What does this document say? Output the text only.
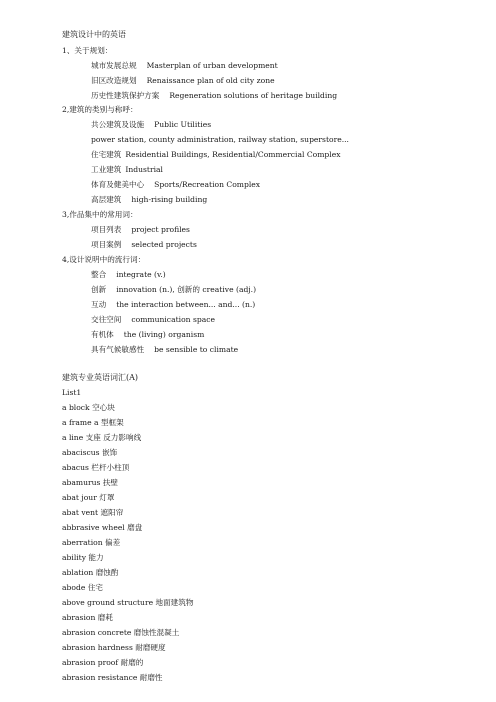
建筑设计中的英语
1、关于规划：
城市发展总规 Masterplan of urban development
旧区改造规划 Renaissance plan of old city zone
历史性建筑保护方案 Regeneration solutions of heritage building
2,建筑的类别与称呼：
共公建筑及设施 Public Utilities
power station, county administration, railway station, superstore...
住宅建筑 Residential Buildings, Residential/Commercial Complex
工业建筑 Industrial
体育及健美中心 Sports/Recreation Complex
高层建筑 high-rising building
3,作品集中的常用词：
项目列表 project profiles
项目案例 selected projects
4,设计说明中的流行词：
整合 integrate (v.)
创新 innovation (n.), 创新的 creative (adj.)
互动 the interaction between... and... (n.)
交往空间 communication space
有机体 the (living) organism
具有气候敏感性 be sensible to climate
建筑专业英语词汇(A)
List1
a block 空心块
a frame a 型框架
a line 支座 反力影响线
abaciscus 嵌饰
abacus 栏杆小柱顶
abamurus 扶壁
abat jour 灯罩
abat vent 遮阳帘
abbrasive wheel 磨盘
aberration 偏差
ability 能力
ablation 磨蚀酌
abode 住宅
above ground structure 地面建筑物
abrasion 磨耗
abrasion concrete 磨蚀性混凝土
abrasion hardness 耐磨硬度
abrasion proof 耐磨的
abrasion resistance 耐磨性
